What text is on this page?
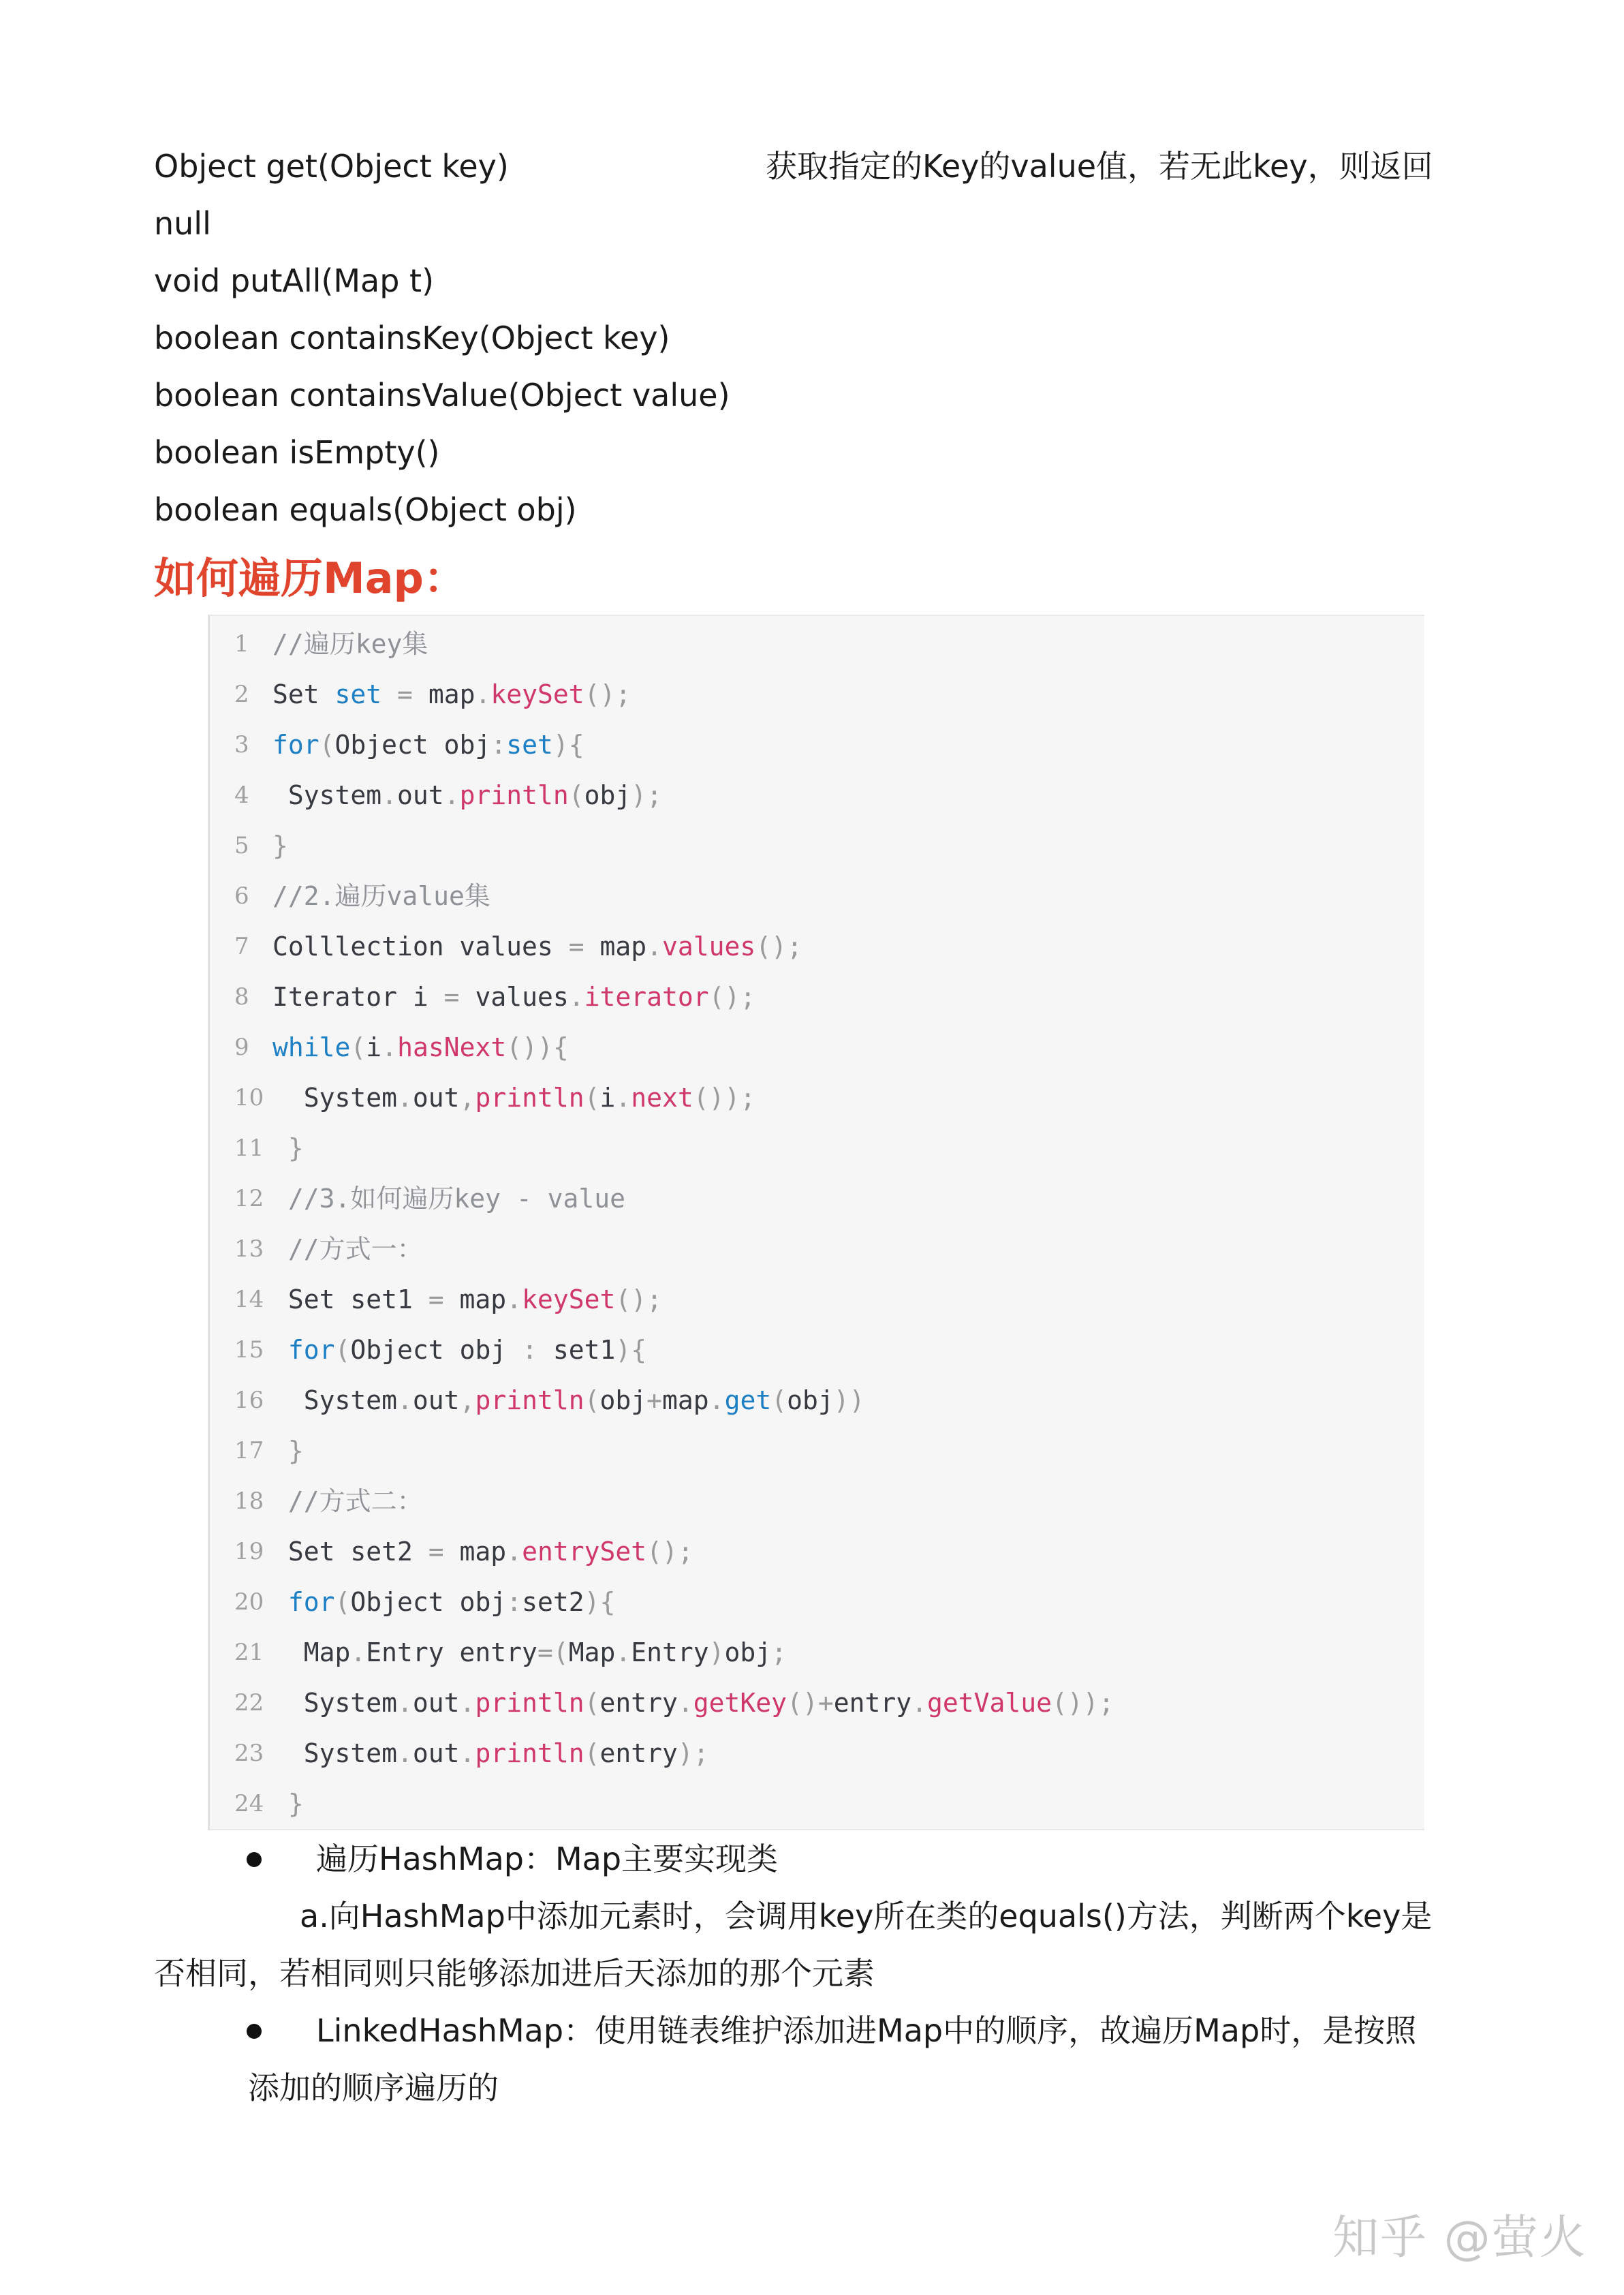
Object get(Object key)	获取指定的Key的value值，若无此key，则返回
null
void putAll(Map t)
boolean containsKey(Object key)
boolean containsValue(Object value)
boolean isEmpty()
boolean equals(Object obj)
如何遍历Map：
1 //遍历key集
2 Set set = map.keySet();
3 for(Object obj:set){
4 System.out.println(obj);
5 }
6 //2.遍历value集
7 Colllection values = map.values();
8 Iterator i = values.iterator();
9 while(i.hasNext()){
10 System.out,println(i.next());
11 }
12 //3.如何遍历key - value
13 //方式一：
14 Set set1 = map.keySet();
15 for(Object obj : set1){
16 System.out,println(obj+map.get(obj))
17 }
18 //方式二：
19 Set set2 = map.entrySet();
20 for(Object obj:set2){
21 Map.Entry entry=(Map.Entry)obj;
22 System.out.println(entry.getKey()+entry.getValue());
23 System.out.println(entry);
24 }
遍历HashMap：Map主要实现类
a.向HashMap中添加元素时，会调用key所在类的equals()方法，判断两个key是
否相同，若相同则只能够添加进后天添加的那个元素
LinkedHashMap：使用链表维护添加进Map中的顺序，故遍历Map时，是按照
添加的顺序遍历的
知乎 @萤火
